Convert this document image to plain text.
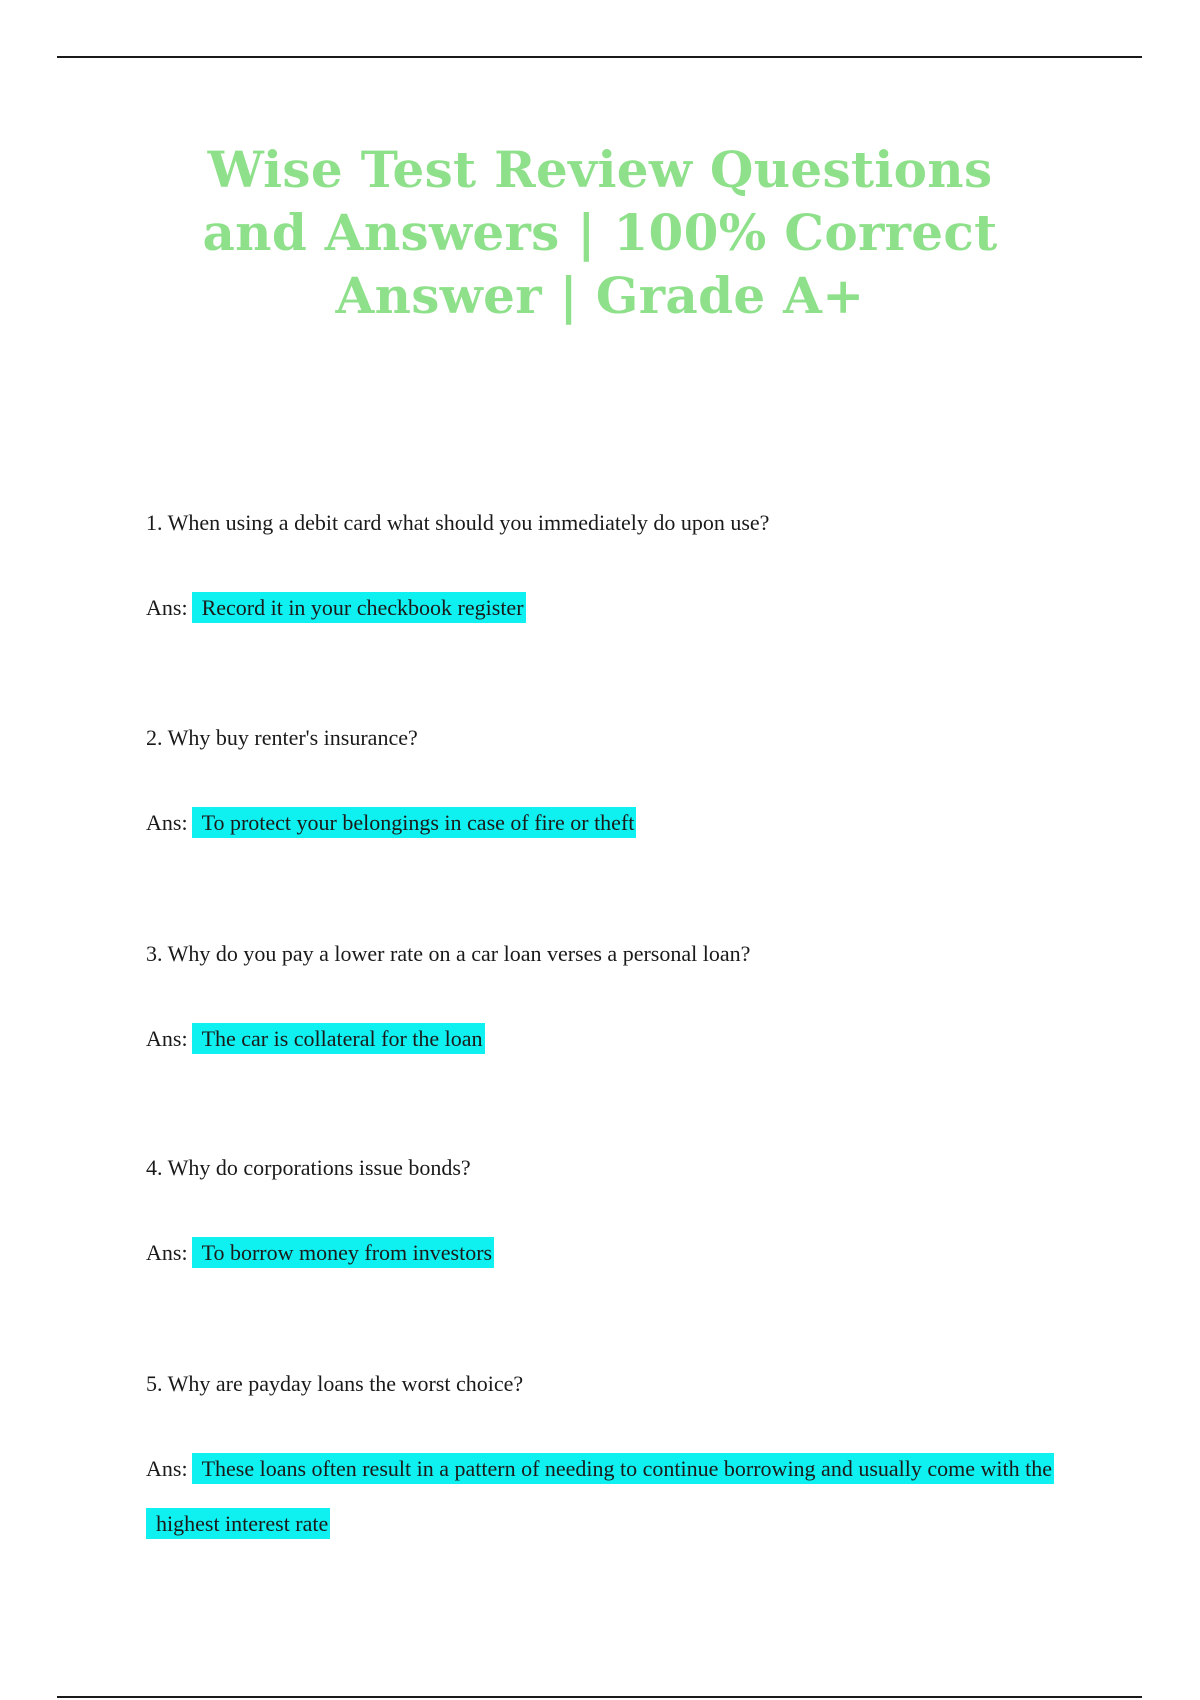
Wise Test Review Questions and Answers | 100% Correct Answer | Grade A+

1. When using a debit card what should you immediately do upon use?

Ans: Record it in your checkbook register

2. Why buy renter's insurance?

Ans: To protect your belongings in case of fire or theft

3. Why do you pay a lower rate on a car loan verses a personal loan?

Ans: The car is collateral for the loan

4. Why do corporations issue bonds?

Ans: To borrow money from investors

5. Why are payday loans the worst choice?

Ans: These loans often result in a pattern of needing to continue borrowing and usually come with the highest interest rate
